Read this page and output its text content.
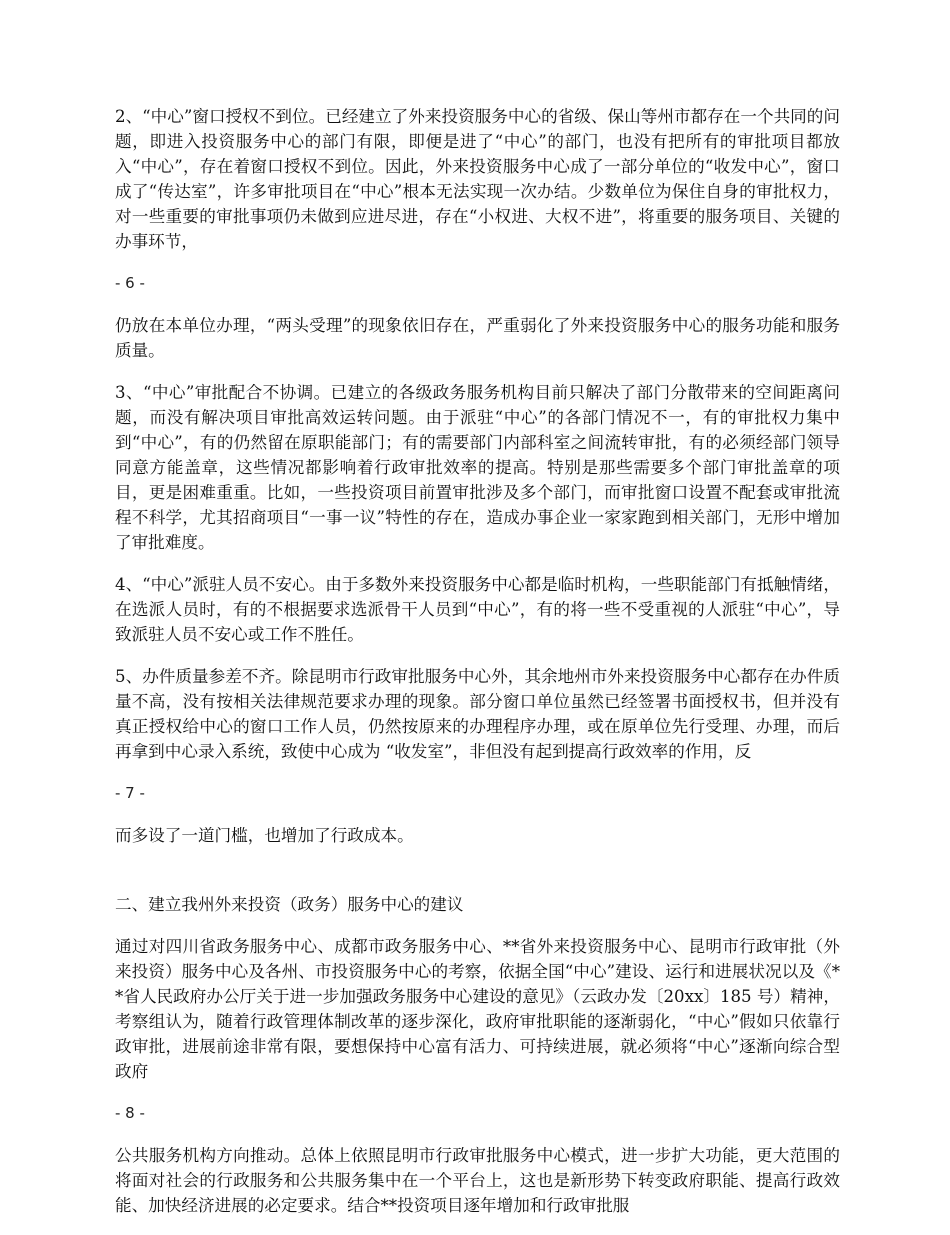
2、“中心”窗口授权不到位。已经建立了外来投资服务中心的省级、保山等州市都存在一个共同的问题，即进入投资服务中心的部门有限，即便是进了“中心”的部门，也没有把所有的审批项目都放入“中心”，存在着窗口授权不到位。因此，外来投资服务中心成了一部分单位的“收发中心”，窗口成了“传达室”，许多审批项目在“中心”根本无法实现一次办结。少数单位为保住自身的审批权力，对一些重要的审批事项仍未做到应进尽进，存在“小权进、大权不进”，将重要的服务项目、关键的办事环节，

- 6 -

仍放在本单位办理，“两头受理”的现象依旧存在，严重弱化了外来投资服务中心的服务功能和服务质量。

3、“中心”审批配合不协调。已建立的各级政务服务机构目前只解决了部门分散带来的空间距离问题，而没有解决项目审批高效运转问题。由于派驻“中心”的各部门情况不一，有的审批权力集中到“中心”，有的仍然留在原职能部门；有的需要部门内部科室之间流转审批，有的必须经部门领导同意方能盖章，这些情况都影响着行政审批效率的提高。特别是那些需要多个部门审批盖章的项目，更是困难重重。比如，一些投资项目前置审批涉及多个部门，而审批窗口设置不配套或审批流程不科学，尤其招商项目“一事一议”特性的存在，造成办事企业一家家跑到相关部门，无形中增加了审批难度。

4、“中心”派驻人员不安心。由于多数外来投资服务中心都是临时机构，一些职能部门有抵触情绪，在选派人员时，有的不根据要求选派骨干人员到“中心”，有的将一些不受重视的人派驻“中心”，导致派驻人员不安心或工作不胜任。

5、办件质量参差不齐。除昆明市行政审批服务中心外，其余地州市外来投资服务中心都存在办件质量不高，没有按相关法律规范要求办理的现象。部分窗口单位虽然已经签署书面授权书，但并没有真正授权给中心的窗口工作人员，仍然按原来的办理程序办理，或在原单位先行受理、办理，而后再拿到中心录入系统，致使中心成为 “收发室”，非但没有起到提高行政效率的作用，反

- 7 -

而多设了一道门槛，也增加了行政成本。

二、建立我州外来投资（政务）服务中心的建议

通过对四川省政务服务中心、成都市政务服务中心、**省外来投资服务中心、昆明市行政审批（外来投资）服务中心及各州、市投资服务中心的考察，依据全国“中心”建设、运行和进展状况以及《**省人民政府办公厅关于进一步加强政务服务中心建设的意见》（云政办发〔20xx〕185 号）精神，考察组认为，随着行政管理体制改革的逐步深化，政府审批职能的逐渐弱化，“中心”假如只依靠行政审批，进展前途非常有限，要想保持中心富有活力、可持续进展，就必须将“中心”逐渐向综合型政府

- 8 -

公共服务机构方向推动。总体上依照昆明市行政审批服务中心模式，进一步扩大功能，更大范围的将面对社会的行政服务和公共服务集中在一个平台上，这也是新形势下转变政府职能、提高行政效能、加快经济进展的必定要求。结合**投资项目逐年增加和行政审批服
